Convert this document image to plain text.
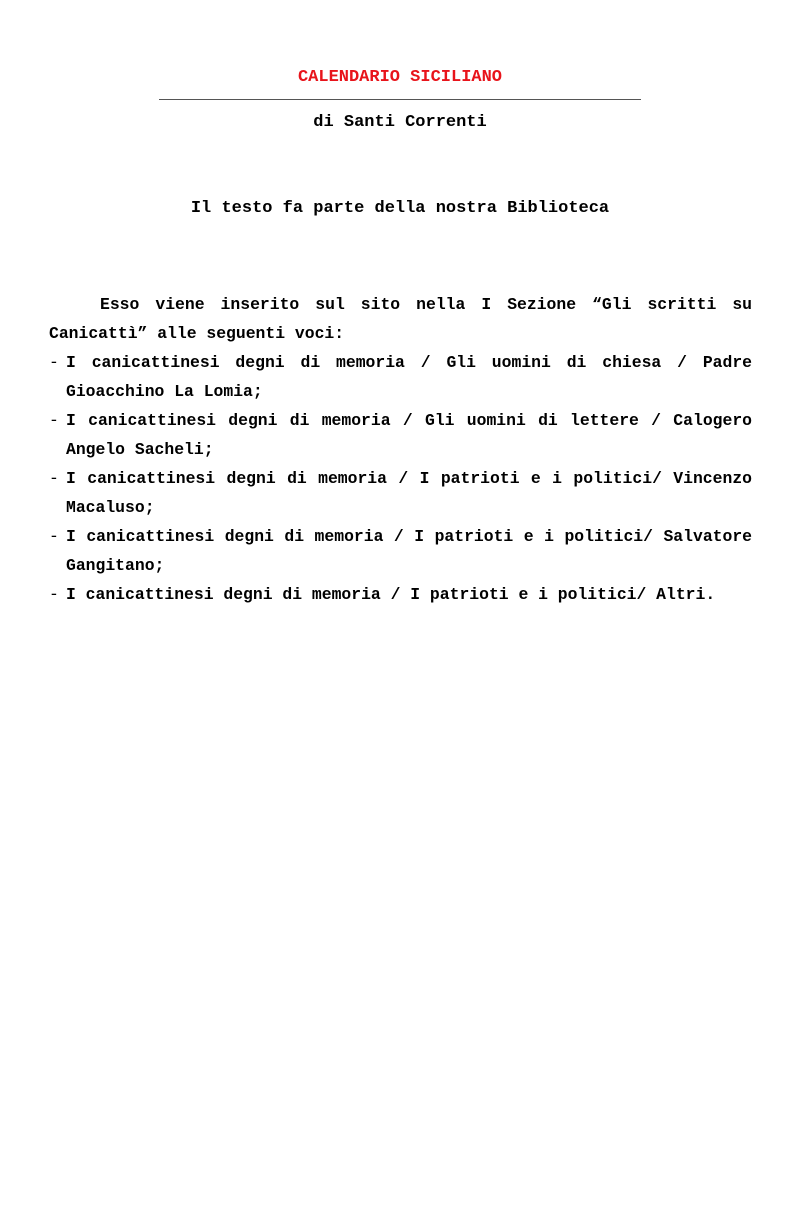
CALENDARIO SICILIANO
di Santi Correnti
Il testo fa parte della nostra Biblioteca

Esso viene inserito sul sito nella I Sezione “Gli scritti su Canicattì” alle seguenti voci:

- I canicattinesi degni di memoria / Gli uomini di chiesa / Padre Gioacchino La Lomia;
- I canicattinesi degni di memoria / Gli uomini di lettere / Calogero Angelo Sacheli;
- I canicattinesi degni di memoria / I patrioti e i politici/ Vincenzo Macaluso;
- I canicattinesi degni di memoria / I patrioti e i politici/ Salvatore Gangitano;
- I canicattinesi degni di memoria / I patrioti e i politici/ Altri.
